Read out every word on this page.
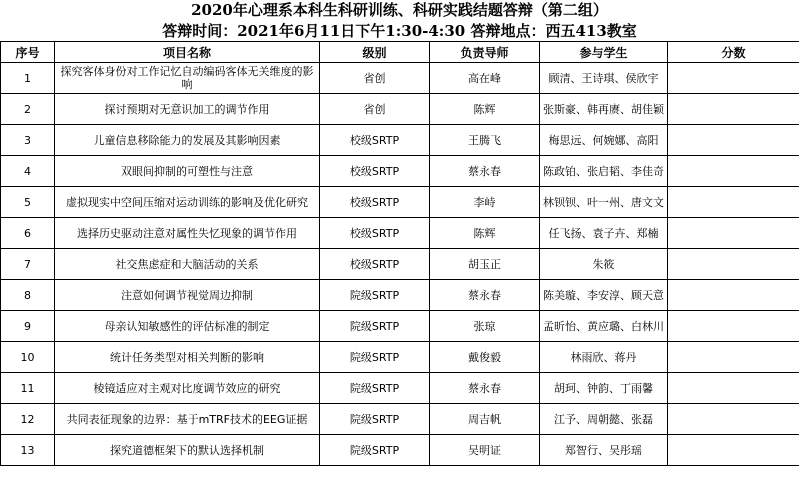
2020年心理系本科生科研训练、科研实践结题答辩（第二组）
答辩时间：2021年6月11日下午1:30-4:30 答辩地点：西五413教室
序号	项目名称	级别	负责导师	参与学生	分数
1	探究客体身份对工作记忆自动编码客体无关维度的影响	省创	高在峰	顾清、王诗琪、侯欣宇	
2	探讨预期对无意识加工的调节作用	省创	陈辉	张斯豪、韩再赓、胡佳颖	
3	儿童信息移除能力的发展及其影响因素	校级SRTP	王腾飞	梅思远、何婉娜、高阳	
4	双眼间抑制的可塑性与注意	校级SRTP	蔡永春	陈政铂、张启韬、李佳奇	
5	虚拟现实中空间压缩对运动训练的影响及优化研究	校级SRTP	李峙	林钡钡、叶一州、唐文文	
6	选择历史驱动注意对属性失忆现象的调节作用	校级SRTP	陈辉	任飞扬、袁子卉、郑楠	
7	社交焦虑症和大脑活动的关系	校级SRTP	胡玉正	朱筱	
8	注意如何调节视觉周边抑制	院级SRTP	蔡永春	陈美璇、李安淳、顾天意	
9	母亲认知敏感性的评估标准的制定	院级SRTP	张琼	孟昕怡、黄应璐、白林川	
10	统计任务类型对相关判断的影响	院级SRTP	戴俊毅	林雨欣、蒋丹	
11	棱镜适应对主观对比度调节效应的研究	院级SRTP	蔡永春	胡珂、钟韵、丁雨馨	
12	共同表征现象的边界：基于mTRF技术的EEG证据	院级SRTP	周吉帆	江予、周朝懿、张磊	
13	探究道德框架下的默认选择机制	院级SRTP	吴明证	郑智行、吴彤瑶	
